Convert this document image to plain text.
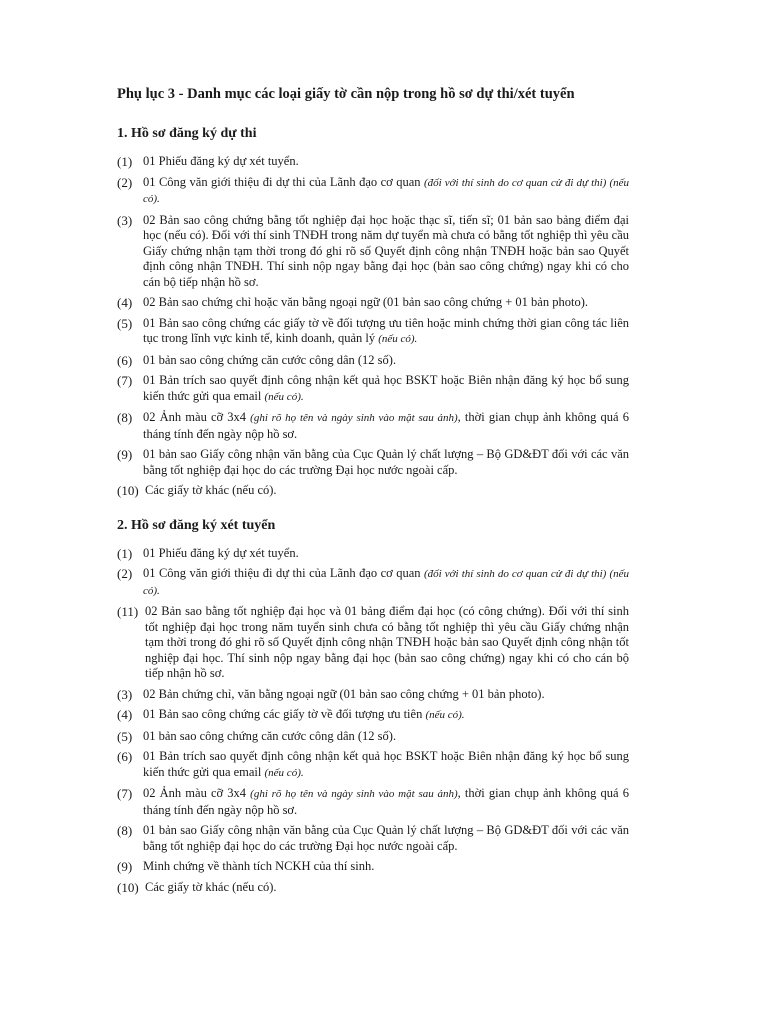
Phụ lục 3 - Danh mục các loại giấy tờ cần nộp trong hồ sơ dự thi/xét tuyển
1. Hồ sơ đăng ký dự thi
(1) 01 Phiếu đăng ký dự xét tuyển.
(2) 01 Công văn giới thiệu đi dự thi của Lãnh đạo cơ quan (đối với thí sinh do cơ quan cử đi dự thi) (nếu có).
(3) 02 Bản sao công chứng bằng tốt nghiệp đại học hoặc thạc sĩ, tiến sĩ; 01 bản sao bảng điểm đại học (nếu có). Đối với thí sinh TNĐH trong năm dự tuyển mà chưa có bằng tốt nghiệp thì yêu cầu Giấy chứng nhận tạm thời trong đó ghi rõ số Quyết định công nhận TNĐH hoặc bản sao Quyết định công nhận TNĐH. Thí sinh nộp ngay bằng đại học (bản sao công chứng) ngay khi có cho cán bộ tiếp nhận hồ sơ.
(4) 02 Bản sao chứng chỉ hoặc văn bằng ngoại ngữ (01 bản sao công chứng + 01 bản photo).
(5) 01 Bản sao công chứng các giấy tờ về đối tượng ưu tiên hoặc minh chứng thời gian công tác liên tục trong lĩnh vực kinh tế, kinh doanh, quản lý (nếu có).
(6) 01 bản sao công chứng căn cước công dân (12 số).
(7) 01 Bản trích sao quyết định công nhận kết quả học BSKT hoặc Biên nhận đăng ký học bổ sung kiến thức gửi qua email (nếu có).
(8) 02 Ảnh màu cỡ 3x4 (ghi rõ họ tên và ngày sinh vào mặt sau ảnh), thời gian chụp ảnh không quá 6 tháng tính đến ngày nộp hồ sơ.
(9) 01 bản sao Giấy công nhận văn bằng của Cục Quản lý chất lượng – Bộ GD&ĐT đối với các văn bằng tốt nghiệp đại học do các trường Đại học nước ngoài cấp.
(10) Các giấy tờ khác (nếu có).
2. Hồ sơ đăng ký xét tuyển
(1) 01 Phiếu đăng ký dự xét tuyển.
(2) 01 Công văn giới thiệu đi dự thi của Lãnh đạo cơ quan (đối với thí sinh do cơ quan cử đi dự thi) (nếu có).
(11) 02 Bản sao bằng tốt nghiệp đại học và 01 bảng điểm đại học (có công chứng). Đối với thí sinh tốt nghiệp đại học trong năm tuyển sinh chưa có bằng tốt nghiệp thì yêu cầu Giấy chứng nhận tạm thời trong đó ghi rõ số Quyết định công nhận TNĐH hoặc bản sao Quyết định công nhận tốt nghiệp đại học. Thí sinh nộp ngay bằng đại học (bản sao công chứng) ngay khi có cho cán bộ tiếp nhận hồ sơ.
(3) 02 Bản chứng chỉ, văn bằng ngoại ngữ (01 bản sao công chứng + 01 bản photo).
(4) 01 Bản sao công chứng các giấy tờ về đối tượng ưu tiên (nếu có).
(5) 01 bản sao công chứng căn cước công dân (12 số).
(6) 01 Bản trích sao quyết định công nhận kết quả học BSKT hoặc Biên nhận đăng ký học bổ sung kiến thức gửi qua email (nếu có).
(7) 02 Ảnh màu cỡ 3x4 (ghi rõ họ tên và ngày sinh vào mặt sau ảnh), thời gian chụp ảnh không quá 6 tháng tính đến ngày nộp hồ sơ.
(8) 01 bản sao Giấy công nhận văn bằng của Cục Quản lý chất lượng – Bộ GD&ĐT đối với các văn bằng tốt nghiệp đại học do các trường Đại học nước ngoài cấp.
(9) Minh chứng về thành tích NCKH của thí sinh.
(10) Các giấy tờ khác (nếu có).
